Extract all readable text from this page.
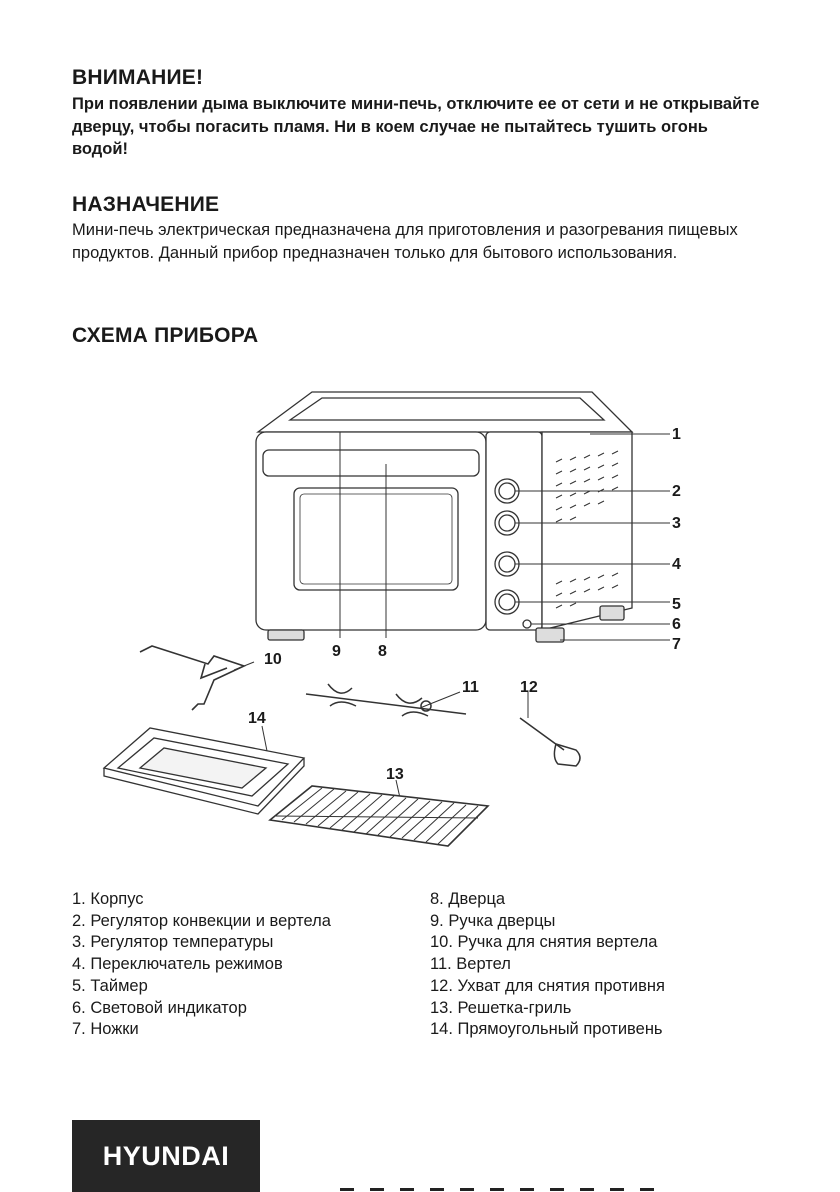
ВНИМАНИЕ!

При появлении дыма выключите мини-печь, отключите ее от сети и не открывайте дверцу, чтобы погасить пламя. Ни в коем случае не пытайтесь тушить огонь водой!

НАЗНАЧЕНИЕ

Мини-печь электрическая предназначена для приготовления и разогревания пищевых продуктов. Данный прибор предназначен только для бытового использования.

СХЕМА ПРИБОРА
1
2
3
4
5
6
7
8
9
10
11	12
13
14
1. Корпус
2. Регулятор конвекции и вертела
3. Регулятор температуры
4. Переключатель режимов
5. Таймер
6. Световой индикатор
7. Ножки
8. Дверца
9. Ручка дверцы
10. Ручка для снятия вертела
11. Вертел
12. Ухват для снятия противня
13. Решетка-гриль
14. Прямоугольный противень
HYUNDAI
